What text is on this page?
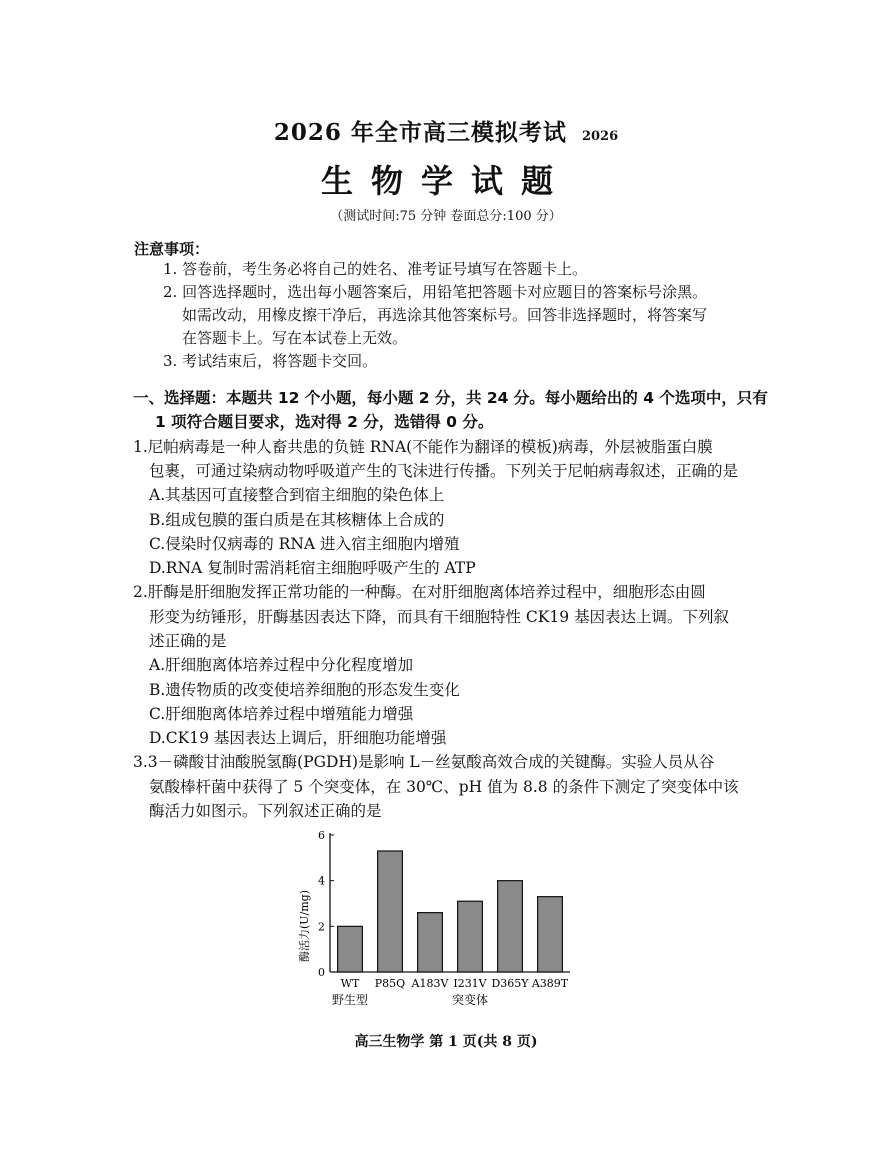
2026 年全市高三模拟考试 2026
生物学试题
（测试时间:75 分钟 卷面总分:100 分）
注意事项：
1. 答卷前，考生务必将自己的姓名、准考证号填写在答题卡上。
2. 回答选择题时，选出每小题答案后，用铅笔把答题卡对应题目的答案标号涂黑。
如需改动，用橡皮擦干净后，再选涂其他答案标号。回答非选择题时，将答案写
在答题卡上。写在本试卷上无效。
3. 考试结束后，将答题卡交回。
一、选择题：本题共 12 个小题，每小题 2 分，共 24 分。每小题给出的 4 个选项中，只有
1 项符合题目要求，选对得 2 分，选错得 0 分。
1.尼帕病毒是一种人畜共患的负链 RNA(不能作为翻译的模板)病毒，外层被脂蛋白膜
包裹，可通过染病动物呼吸道产生的飞沫进行传播。下列关于尼帕病毒叙述，正确的是
A.其基因可直接整合到宿主细胞的染色体上
B.组成包膜的蛋白质是在其核糖体上合成的
C.侵染时仅病毒的 RNA 进入宿主细胞内增殖
D.RNA 复制时需消耗宿主细胞呼吸产生的 ATP
2.肝酶是肝细胞发挥正常功能的一种酶。在对肝细胞离体培养过程中，细胞形态由圆
形变为纺锤形，肝酶基因表达下降，而具有干细胞特性 CK19 基因表达上调。下列叙
述正确的是
A.肝细胞离体培养过程中分化程度增加
B.遗传物质的改变使培养细胞的形态发生变化
C.肝细胞离体培养过程中增殖能力增强
D.CK19 基因表达上调后，肝细胞功能增强
3.3－磷酸甘油酸脱氢酶(PGDH)是影响 L－丝氨酸高效合成的关键酶。实验人员从谷
氨酸棒杆菌中获得了 5 个突变体，在 30℃、pH 值为 8.8 的条件下测定了突变体中该
酶活力如图示。下列叙述正确的是
酶活力(U/mg)
0
2
4
6
WT P85Q A183V I231V D365Y A389T
野生型	突变体
高三生物学 第 1 页(共 8 页)
